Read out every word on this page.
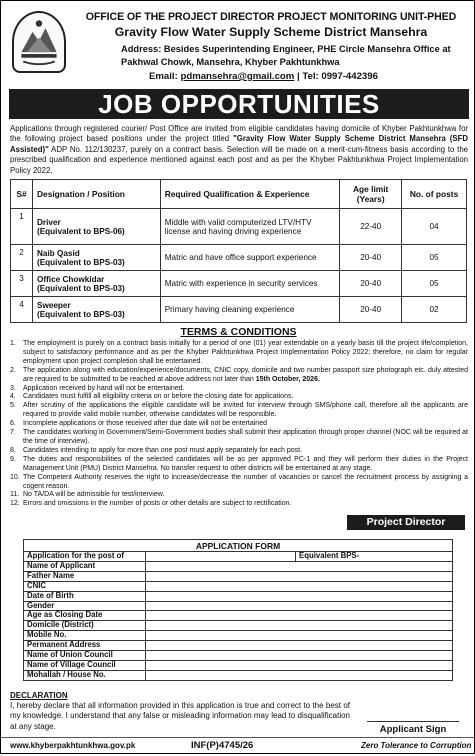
OFFICE OF THE PROJECT DIRECTOR PROJECT MONITORING UNIT-PHED
Gravity Flow Water Supply Scheme District Mansehra
Address: Besides Superintending Engineer, PHE Circle Mansehra Office at
Pakhwal Chowk, Mansehra, Khyber Pakhtunkhwa
Email: pdmansehra@gmail.com | Tel: 0997-442396
JOB OPPORTUNITIES
Applications through registered courier/ Post Office are invited from eligible candidates having domicile of Khyber Pakhtunkhwa for the following project based positions under the project titled "Gravity Flow Water Supply Scheme District Mansehra (SFD Assisted)" ADP No. 112/130237, purely on a contract basis. Selection will be made on a merit-cum-fitness basis according to the prescribed qualification and experience mentioned against each post and as per the Khyber Pakhtunkhwa Project Implementation Policy 2022.
S#	Designation / Position	Required Qualification & Experience	Age limit (Years)	No. of posts
1	Driver
(Equivalent to BPS-06)	Middle with valid computerized LTV/HTV license and having driving experience	22-40	04
2	Naib Qasid
(Equivalent to BPS-03)	Matric and have office support experience	20-40	05
3	Office Chowkidar
(Equivalent to BPS-03)	Matric with experience in security services	20-40	05
4	Sweeper
(Equivalent to BPS-03)	Primary having cleaning experience	20-40	02
TERMS & CONDITIONS
1. The employment is purely on a contract basis initially for a period of one (01) year extendable on a yearly basis till the project life/completion, subject to satisfactory performance and as per the Khyber Pakhtunkhwa Project Implementation Policy 2022; therefore, no claim for regular employment upon project completion shall be entertained.
2. The application along with education/experience/documents, CNIC copy, domicile and two number passport size photograph etc. duly attested are required to be submitted to be reached at above address not later than 15th October, 2026.
3. Application received by hand will not be entertained.
4. Candidates must fulfill all eligibility criteria on or before the closing date for applications.
5. After scrutiny of the applications the eligible candidate will be invited for interview through SMS/phone call, therefore all the applicants are required to provide valid mobile number, otherwise candidates will be responsible.
6. Incomplete applications or those received after due date will not be entertained
7. The candidates working in Government/Semi-Government bodies shall submit their application through proper channel (NOC will be required at the time of interview).
8. Candidates intending to apply for more than one post must apply separately for each post.
9. The duties and responsibilities of the selected candidates will be as per approved PC-1 and they will perform their duties in the Project Management Unit (PMU) District Mansehra. No transfer request to other districts will be entertained at any stage.
10. The Competent Authority reserves the right to increase/decrease the number of vacancies or cancel the recruitment process by assigning a cogent reason.
11. No TA/DA will be admissible for test/interview.
12. Errors and omissions in the number of posts or other details are subject to rectification.
Project Director
APPLICATION FORM
Application for the post of		Equivalent BPS-
Name of Applicant		
Father Name		
CNIC		
Date of Birth		
Gender		
Age as Closing Date		
Domicile (District)		
Mobile No.		
Permanent Address		
Name of Union Council		
Name of Village Council		
Mohallah / House No.		
DECLARATION
I, hereby declare that all information provided in this application is true and correct to the best of my knowledge. I understand that any false or misleading information may lead to disqualification at any stage.	Applicant Sign
www.khyberpakhtunkhwa.gov.pk	INF(P)4745/26	Zero Tolerance to Corruption
